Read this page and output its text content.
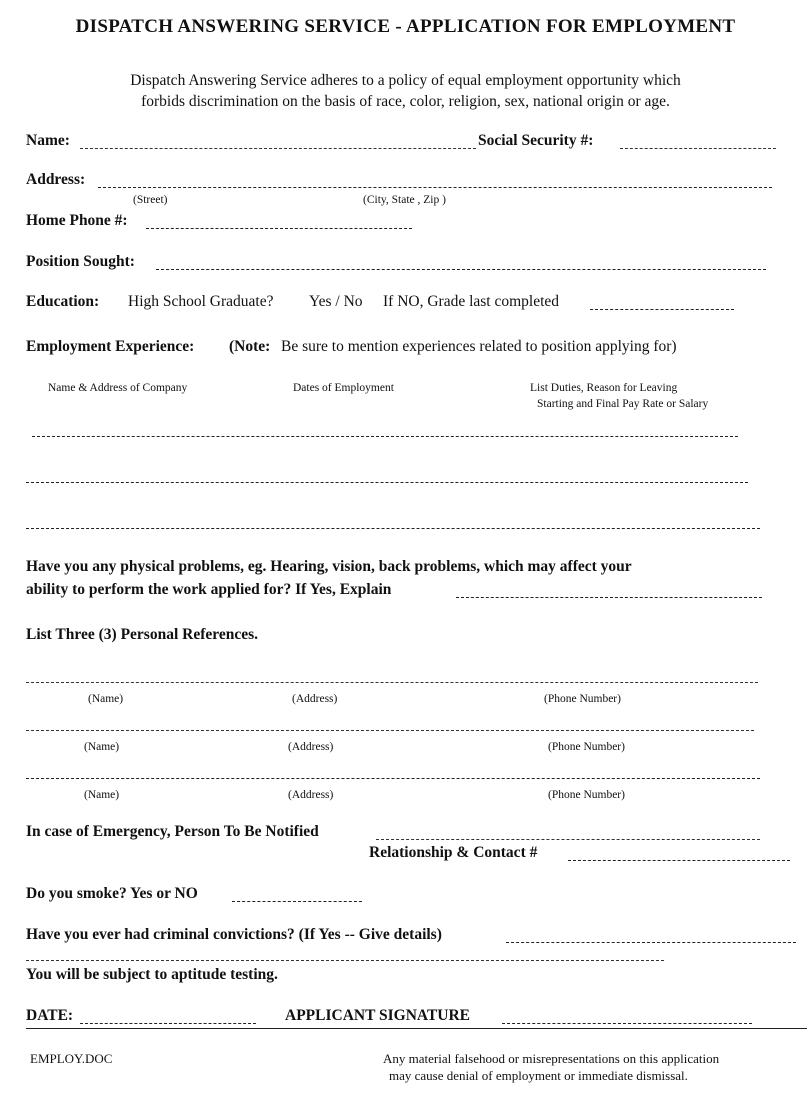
DISPATCH ANSWERING SERVICE - APPLICATION FOR EMPLOYMENT
Dispatch Answering Service adheres to a policy of equal employment opportunity which
forbids discrimination on the basis of race, color, religion, sex, national origin or age.
Name:	Social Security #:
Address:
(Street)	(City, State , Zip )
Home Phone #:
Position Sought:
Education: High School Graduate? Yes / No If NO, Grade last completed
Employment Experience: (Note: Be sure to mention experiences related to position applying for)
Name & Address of Company	Dates of Employment	List Duties, Reason for Leaving
Starting and Final Pay Rate or Salary
Have you any physical problems, eg. Hearing, vision, back problems, which may affect your
ability to perform the work applied for? If Yes, Explain
List Three (3) Personal References.
(Name)	(Address)	(Phone Number)
(Name)	(Address)	(Phone Number)
(Name)	(Address)	(Phone Number)
In case of Emergency, Person To Be Notified
Relationship & Contact #
Do you smoke? Yes or NO
Have you ever had criminal convictions? (If Yes -- Give details)
You will be subject to aptitude testing.
DATE:	APPLICANT SIGNATURE
EMPLOY.DOC	Any material falsehood or misrepresentations on this application
may cause denial of employment or immediate dismissal.
